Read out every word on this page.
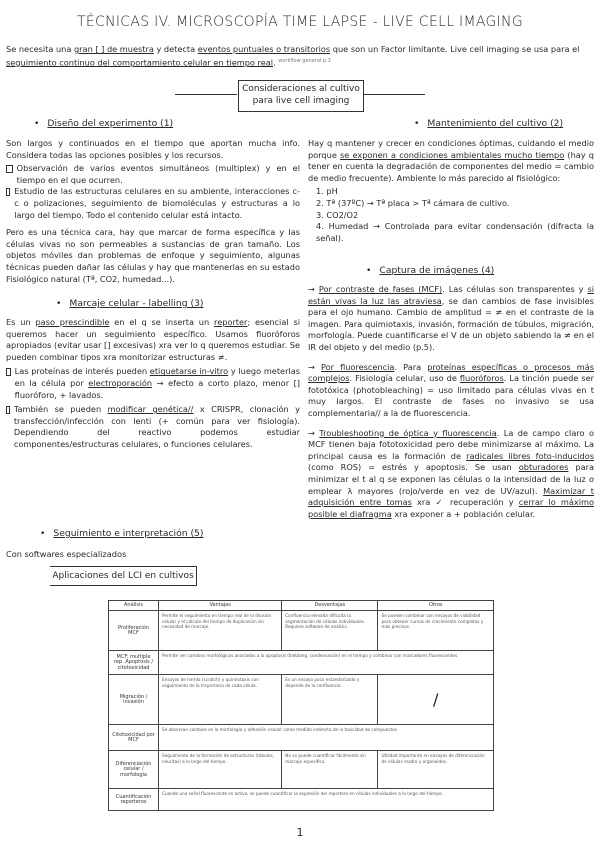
TÉCNICAS IV. MICROSCOPÍA TIME LAPSE - LIVE CELL IMAGING
Se necesita una gran [ ] de muestra y detecta eventos puntuales o transitorios que son un Factor limitante. Live cell imaging se usa para el seguimiento continuo del comportamiento celular en tiempo real. $^{workflow general p.3}$
Consideraciones al cultivo
para live cell imaging
• Diseño del experimento (1)

Son largos y continuados en el tiempo que aportan mucha info. Considera todas las opciones posibles y los recursos.

Observación de varios eventos simultáneos (multiplex) y en el tiempo en el que ocurren.
Estudio de las estructuras celulares en su ambiente, interacciones c-c o polizaciones, seguimiento de biomoléculas y estructuras a lo largo del tiempo. Todo el contenido celular está intacto.

Pero es una técnica cara, hay que marcar de forma específica y las células vivas no son permeables a sustancias de gran tamaño. Los objetos móviles dan problemas de enfoque y seguimiento, algunas técnicas pueden dañar las células y hay que mantenerlas en su estado Fisiológico natural (Tª, CO2, humedad...).

• Marcaje celular - labelling (3)

Es un paso prescindible en el q se inserta un reporter; esencial si queremos hacer un seguimiento específico. Usamos fluoróforos apropiados (evitar usar [] excesivas) xra ver lo q queremos estudiar. Se pueden combinar tipos xra monitorizar estructuras ≠.

Las proteínas de interés pueden etiquetarse in-vitro y luego meterlas en la célula por electroporación → efecto a corto plazo, menor [] fluoróforo, + lavados.
También se pueden modificar genética// x CRISPR, clonación y transfección/infección con lenti (+ común para ver fisiología). Dependiendo del reactivo podemos estudiar componentes/estructuras celulares, o funciones celulares.
• Seguimiento e interpretación (5)
Con softwares especializados
Aplicaciones del LCI en cultivos
• Mantenimiento del cultivo (2)

Hay q mantener y crecer en condiciones óptimas, cuidando el medio porque se exponen a condiciones ambientales mucho tiempo (hay q tener en cuenta la degradación de componentes del medio = cambio de medio frecuente). Ambiente lo más parecido al fisiológico:

1. pH
2. Tª (37ºC) → Tª placa > Tª cámara de cultivo.
3. CO2/O2
4. Humedad → Controlada para evitar condensación (difracta la señal).
• Captura de imágenes (4)

→ Por contraste de fases (MCF). Las células son transparentes y si están vivas la luz las atraviesa, se dan cambios de fase invisibles para el ojo humano. Cambio de amplitud = ≠ en el contraste de la imagen. Para quimiotaxis, invasión, formación de túbulos, migración, morfología. Puede cuantificarse el V de un objeto sabiendo la ≠ en el IR del objeto y del medio (p.5).

→ Por fluorescencia. Para proteínas específicas o procesos más complejos. Fisiología celular, uso de fluoróforos. La tinción puede ser fototóxica (photobleaching) = uso limitado para células vivas en t muy largos. El contraste de fases no invasivo se usa complementaria// a la de fluorescencia.

→ Troubleshooting de óptica y fluorescencia. La de campo claro o MCF tienen baja fototoxicidad pero debe minimizarse al máximo. La principal causa es la formación de radicales libres foto-inducidos (como ROS) = estrés y apoptosis. Se usan obturadores para minimizar el t al q se exponen las células o la intensidad de la luz o emplear λ mayores (rojo/verde en vez de UV/azul). Maximizar t adquisición entre tomas xra ✓ recuperación y cerrar lo máximo posible el diafragma xra exponer a + población celular.

Análisis	Ventajas	Desventajas	Otros
Proliferación MCF	Permite el seguimiento en tiempo real de la división celular y el cálculo del tiempo de duplicación sin necesidad de marcaje.	Confluencia elevada dificulta la segmentación de células individuales. Requiere software de análisis.	Se pueden combinar con ensayos de viabilidad para obtener curvas de crecimiento completas y más precisas.
MCF: multiple rep. Apoptosis / citotoxicidad	Permite ver cambios morfológicos asociados a la apoptosis (blebbing, condensación) en el tiempo y combinar con marcadores fluorescentes.	
Migración / invasión	Ensayos de herida (scratch) y quimiotaxis con seguimiento de la trayectoria de cada célula.	Es un ensayo poco estandarizado y depende de la confluencia.	/
Citotoxicidad por MCF	Se observan cambios en la morfología y adhesión celular como medida indirecta de la toxicidad de compuestos.	
Diferenciación celular / morfología	Seguimiento de la formación de estructuras (túbulos, neuritas) a lo largo del tiempo.	No se puede cuantificar fácilmente sin marcaje específico.	Utilidad importante en ensayos de diferenciación de células madre y organoides.
Cuantificación reporteros	Cuando una señal fluorescente se activa, se puede cuantificar la expresión del reportero en células individuales a lo largo del tiempo.	
1
